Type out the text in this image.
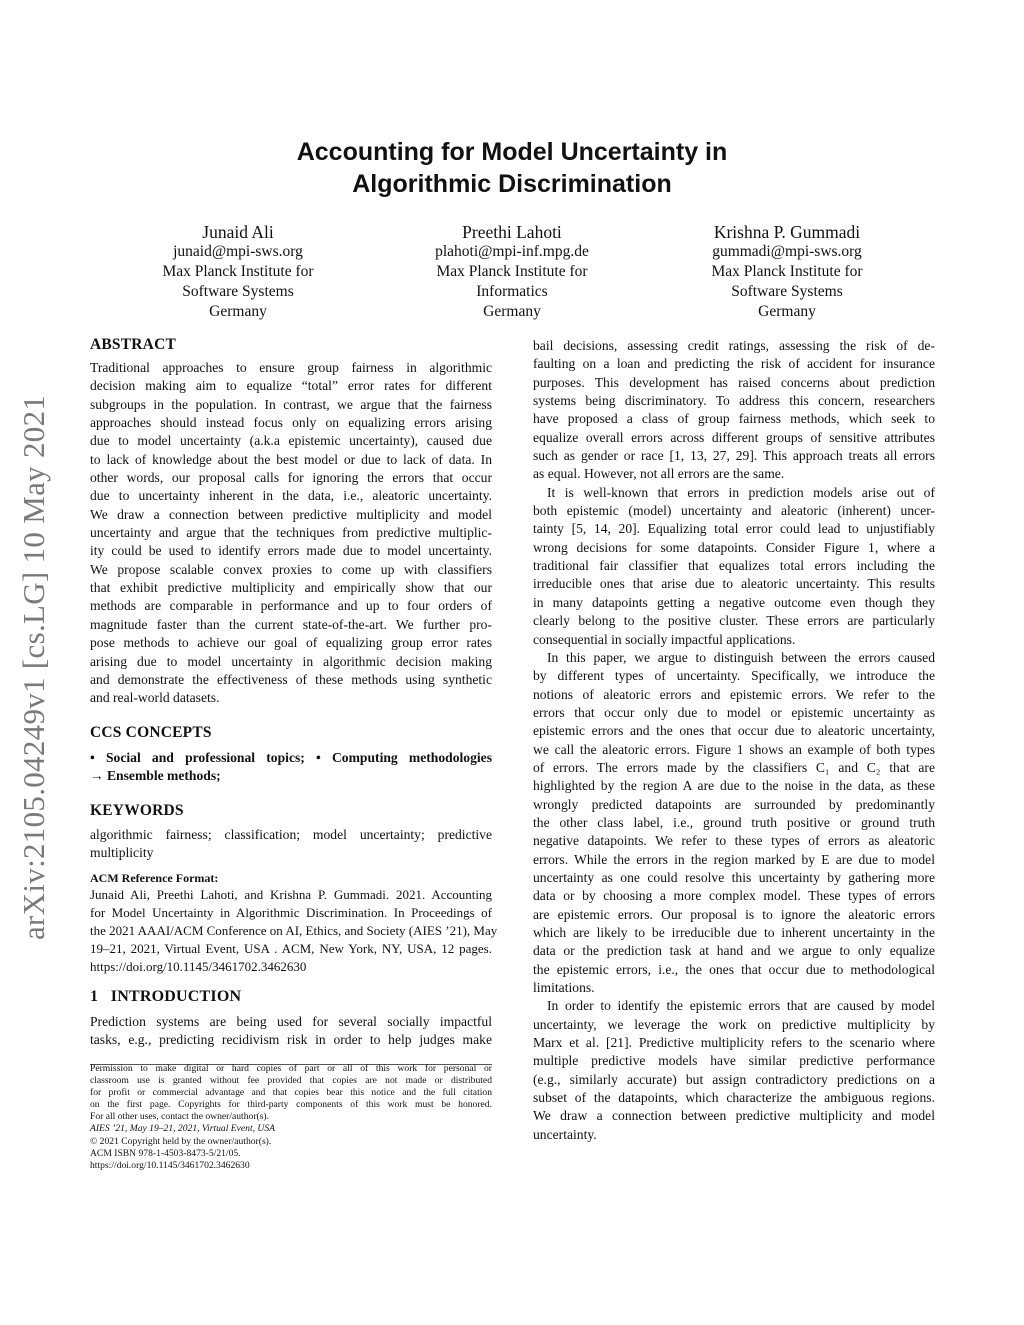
arXiv:2105.04249v1 [cs.LG] 10 May 2021
Accounting for Model Uncertainty in
Algorithmic Discrimination
Junaid Ali
junaid@mpi-sws.org
Max Planck Institute for
Software Systems
Germany
Preethi Lahoti
plahoti@mpi-inf.mpg.de
Max Planck Institute for
Informatics
Germany
Krishna P. Gummadi
gummadi@mpi-sws.org
Max Planck Institute for
Software Systems
Germany
ABSTRACT
Traditional approaches to ensure group fairness in algorithmic
decision making aim to equalize “total” error rates for different
subgroups in the population. In contrast, we argue that the fairness
approaches should instead focus only on equalizing errors arising
due to model uncertainty (a.k.a epistemic uncertainty), caused due
to lack of knowledge about the best model or due to lack of data. In
other words, our proposal calls for ignoring the errors that occur
due to uncertainty inherent in the data, i.e., aleatoric uncertainty.
We draw a connection between predictive multiplicity and model
uncertainty and argue that the techniques from predictive multiplic-
ity could be used to identify errors made due to model uncertainty.
We propose scalable convex proxies to come up with classifiers
that exhibit predictive multiplicity and empirically show that our
methods are comparable in performance and up to four orders of
magnitude faster than the current state-of-the-art. We further pro-
pose methods to achieve our goal of equalizing group error rates
arising due to model uncertainty in algorithmic decision making
and demonstrate the effectiveness of these methods using synthetic
and real-world datasets.
CCS CONCEPTS
• Social and professional topics; • Computing methodologies
→ Ensemble methods;
KEYWORDS
algorithmic fairness; classification; model uncertainty; predictive
multiplicity
ACM Reference Format:
Junaid Ali, Preethi Lahoti, and Krishna P. Gummadi. 2021. Accounting
for Model Uncertainty in Algorithmic Discrimination. In Proceedings of
the 2021 AAAI/ACM Conference on AI, Ethics, and Society (AIES ’21), May
19–21, 2021, Virtual Event, USA . ACM, New York, NY, USA, 12 pages.
https://doi.org/10.1145/3461702.3462630
1   INTRODUCTION
Prediction systems are being used for several socially impactful
tasks, e.g., predicting recidivism risk in order to help judges make
Permission to make digital or hard copies of part or all of this work for personal or
classroom use is granted without fee provided that copies are not made or distributed
for profit or commercial advantage and that copies bear this notice and the full citation
on the first page. Copyrights for third-party components of this work must be honored.
For all other uses, contact the owner/author(s).
AIES ’21, May 19–21, 2021, Virtual Event, USA
© 2021 Copyright held by the owner/author(s).
ACM ISBN 978-1-4503-8473-5/21/05.
https://doi.org/10.1145/3461702.3462630
bail decisions, assessing credit ratings, assessing the risk of de-
faulting on a loan and predicting the risk of accident for insurance
purposes. This development has raised concerns about prediction
systems being discriminatory. To address this concern, researchers
have proposed a class of group fairness methods, which seek to
equalize overall errors across different groups of sensitive attributes
such as gender or race [1, 13, 27, 29]. This approach treats all errors
as equal. However, not all errors are the same.
It is well-known that errors in prediction models arise out of
both epistemic (model) uncertainty and aleatoric (inherent) uncer-
tainty [5, 14, 20]. Equalizing total error could lead to unjustifiably
wrong decisions for some datapoints. Consider Figure 1, where a
traditional fair classifier that equalizes total errors including the
irreducible ones that arise due to aleatoric uncertainty. This results
in many datapoints getting a negative outcome even though they
clearly belong to the positive cluster. These errors are particularly
consequential in socially impactful applications.
In this paper, we argue to distinguish between the errors caused
by different types of uncertainty. Specifically, we introduce the
notions of aleatoric errors and epistemic errors. We refer to the
errors that occur only due to model or epistemic uncertainty as
epistemic errors and the ones that occur due to aleatoric uncertainty,
we call the aleatoric errors. Figure 1 shows an example of both types
of errors. The errors made by the classifiers C₁ and C₂ that are
highlighted by the region A are due to the noise in the data, as these
wrongly predicted datapoints are surrounded by predominantly
the other class label, i.e., ground truth positive or ground truth
negative datapoints. We refer to these types of errors as aleatoric
errors. While the errors in the region marked by E are due to model
uncertainty as one could resolve this uncertainty by gathering more
data or by choosing a more complex model. These types of errors
are epistemic errors. Our proposal is to ignore the aleatoric errors
which are likely to be irreducible due to inherent uncertainty in the
data or the prediction task at hand and we argue to only equalize
the epistemic errors, i.e., the ones that occur due to methodological
limitations.
In order to identify the epistemic errors that are caused by model
uncertainty, we leverage the work on predictive multiplicity by
Marx et al. [21]. Predictive multiplicity refers to the scenario where
multiple predictive models have similar predictive performance
(e.g., similarly accurate) but assign contradictory predictions on a
subset of the datapoints, which characterize the ambiguous regions.
We draw a connection between predictive multiplicity and model
uncertainty.
